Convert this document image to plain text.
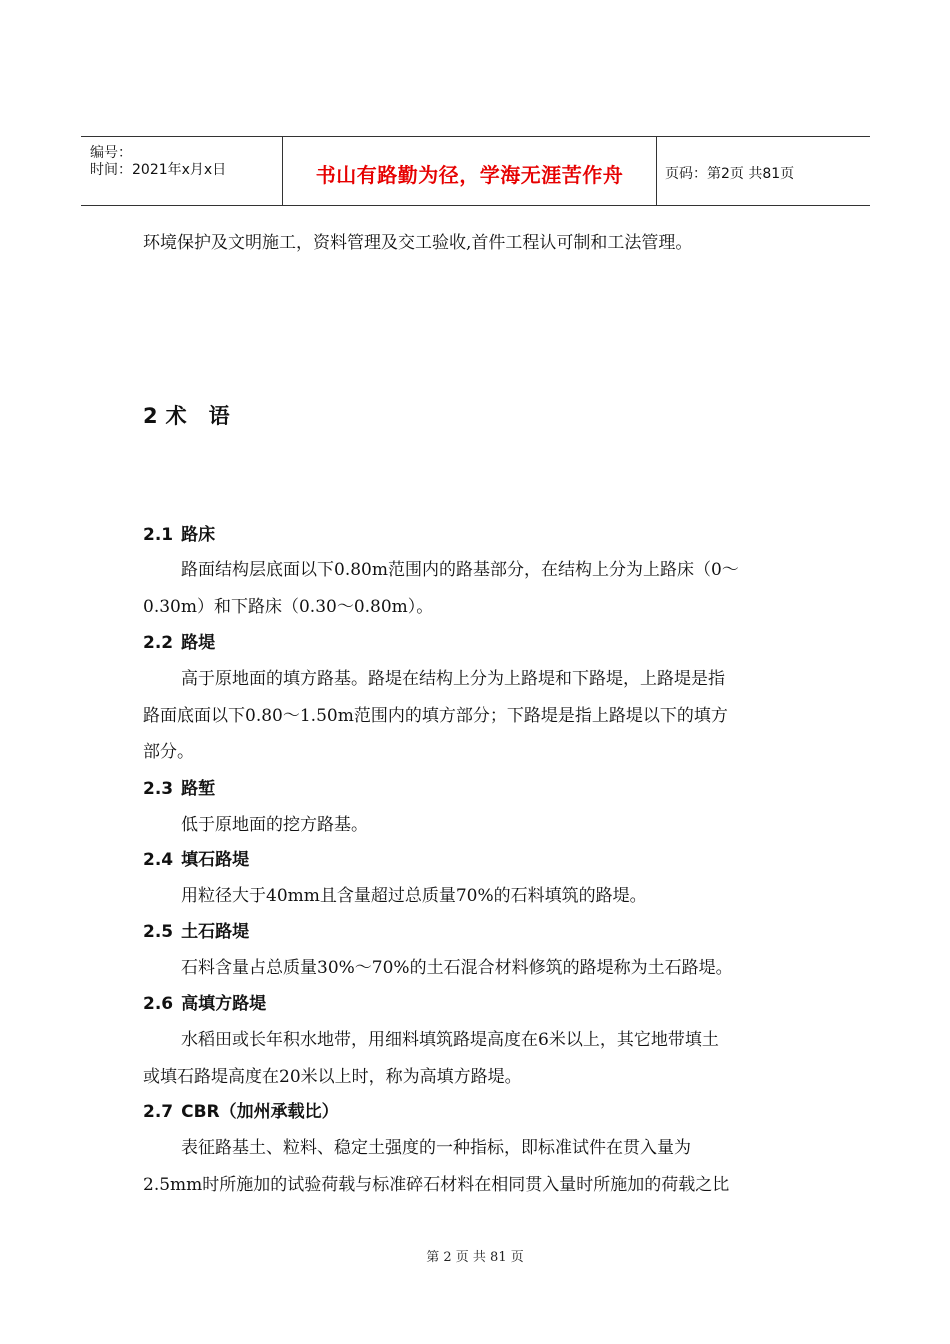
编号：
时间：2021年x月x日	书山有路勤为径，学海无涯苦作舟	页码：第2页 共81页
环境保护及文明施工，资料管理及交工验收,首件工程认可制和工法管理。
2 术语
2.1 路床
路面结构层底面以下0.80m范围内的路基部分，在结构上分为上路床（0～
0.30m）和下路床（0.30～0.80m）。
2.2 路堤
高于原地面的填方路基。路堤在结构上分为上路堤和下路堤，上路堤是指
路面底面以下0.80～1.50m范围内的填方部分；下路堤是指上路堤以下的填方
部分。
2.3 路堑
低于原地面的挖方路基。
2.4 填石路堤
用粒径大于40mm且含量超过总质量70%的石料填筑的路堤。
2.5 土石路堤
石料含量占总质量30%～70%的土石混合材料修筑的路堤称为土石路堤。
2.6 高填方路堤
水稻田或长年积水地带，用细料填筑路堤高度在6米以上，其它地带填土
或填石路堤高度在20米以上时，称为高填方路堤。
2.7 CBR（加州承载比）
表征路基土、粒料、稳定土强度的一种指标，即标准试件在贯入量为
2.5mm时所施加的试验荷载与标准碎石材料在相同贯入量时所施加的荷载之比
第 2 页 共 81 页
